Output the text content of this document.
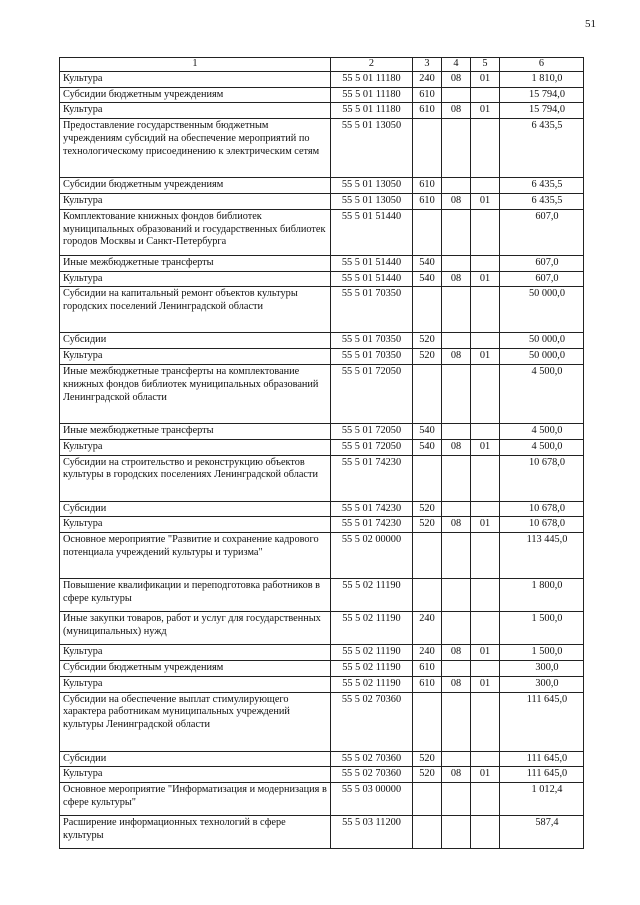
51
1	2	3	4	5	6
Культура	55 5 01 11180	240	08	01	1 810,0
Субсидии бюджетным учреждениям	55 5 01 11180	610			15 794,0
Культура	55 5 01 11180	610	08	01	15 794,0
Предоставление государственным бюджетным учреждениям субсидий на обеспечение мероприятий по технологическому присоединению к электрическим сетям	55 5 01 13050				6 435,5
Субсидии бюджетным учреждениям	55 5 01 13050	610			6 435,5
Культура	55 5 01 13050	610	08	01	6 435,5
Комплектование книжных фондов библиотек муниципальных образований и государственных библиотек городов Москвы и Санкт-Петербурга	55 5 01 51440				607,0
Иные межбюджетные трансферты	55 5 01 51440	540			607,0
Культура	55 5 01 51440	540	08	01	607,0
Субсидии на капитальный ремонт объектов культуры городских поселений Ленинградской области	55 5 01 70350				50 000,0
Субсидии	55 5 01 70350	520			50 000,0
Культура	55 5 01 70350	520	08	01	50 000,0
Иные межбюджетные трансферты на комплектование книжных фондов библиотек муниципальных образований Ленинградской области	55 5 01 72050				4 500,0
Иные межбюджетные трансферты	55 5 01 72050	540			4 500,0
Культура	55 5 01 72050	540	08	01	4 500,0
Субсидии на строительство и реконструкцию объектов культуры в городских поселениях Ленинградской области	55 5 01 74230				10 678,0
Субсидии	55 5 01 74230	520			10 678,0
Культура	55 5 01 74230	520	08	01	10 678,0
Основное мероприятие "Развитие и сохранение кадрового потенциала учреждений культуры и туризма"	55 5 02 00000				113 445,0
Повышение квалификации и переподготовка работников в сфере культуры	55 5 02 11190				1 800,0
Иные закупки товаров, работ и услуг для государственных (муниципальных) нужд	55 5 02 11190	240			1 500,0
Культура	55 5 02 11190	240	08	01	1 500,0
Субсидии бюджетным учреждениям	55 5 02 11190	610			300,0
Культура	55 5 02 11190	610	08	01	300,0
Субсидии на обеспечение выплат стимулирующего характера работникам муниципальных учреждений культуры Ленинградской области	55 5 02 70360				111 645,0
Субсидии	55 5 02 70360	520			111 645,0
Культура	55 5 02 70360	520	08	01	111 645,0
Основное мероприятие "Информатизация и модернизация в сфере культуры"	55 5 03 00000				1 012,4
Расширение информационных технологий в сфере культуры	55 5 03 11200				587,4
